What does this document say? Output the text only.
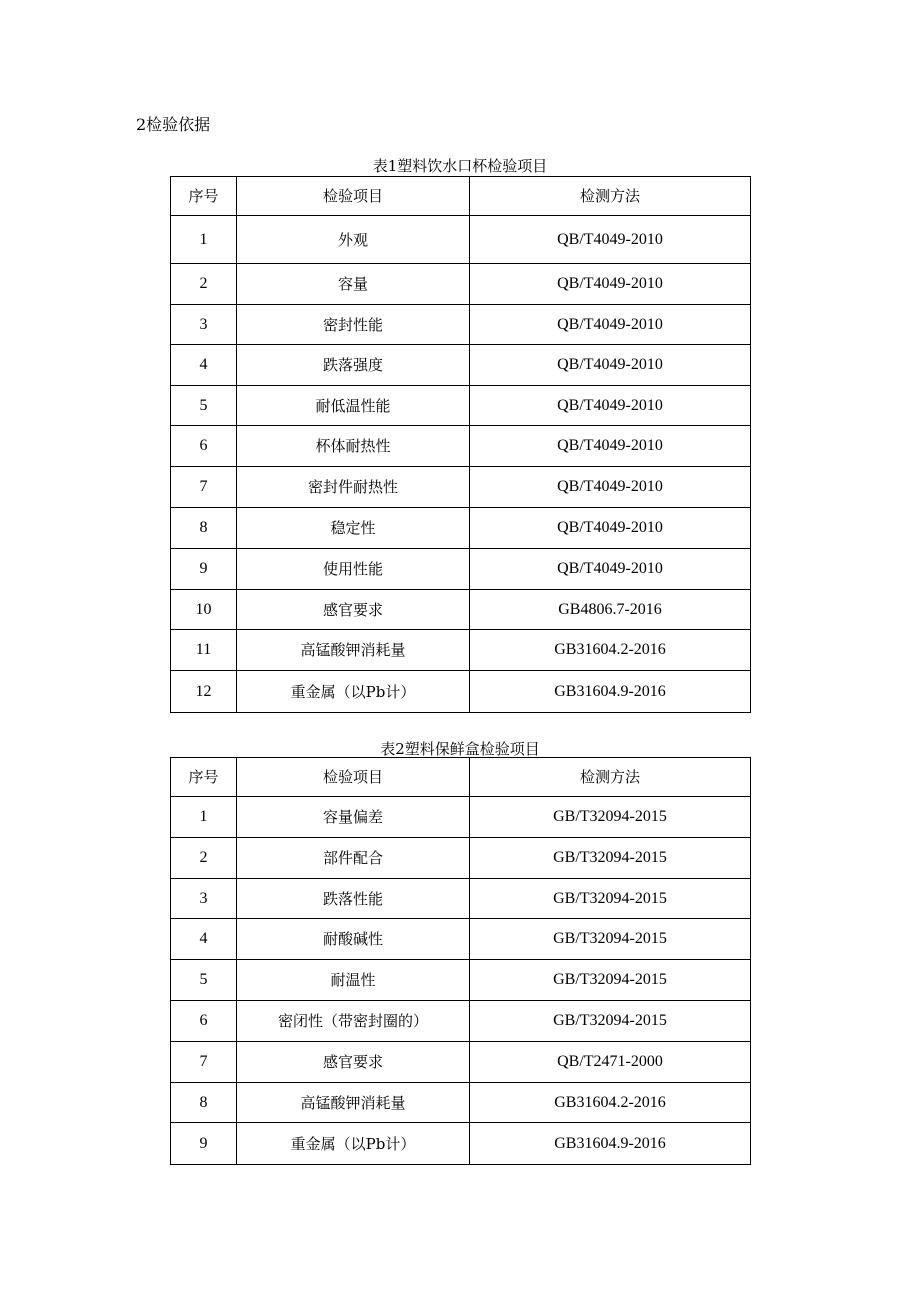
2检验依据
表1塑料饮水口杯检验项目
序号	检验项目	检测方法
1	外观	QB/T4049-2010
2	容量	QB/T4049-2010
3	密封性能	QB/T4049-2010
4	跌落强度	QB/T4049-2010
5	耐低温性能	QB/T4049-2010
6	杯体耐热性	QB/T4049-2010
7	密封件耐热性	QB/T4049-2010
8	稳定性	QB/T4049-2010
9	使用性能	QB/T4049-2010
10	感官要求	GB4806.7-2016
11	高锰酸钾消耗量	GB31604.2-2016
12	重金属（以Pb计）	GB31604.9-2016
表2塑料保鲜盒检验项目
序号	检验项目	检测方法
1	容量偏差	GB/T32094-2015
2	部件配合	GB/T32094-2015
3	跌落性能	GB/T32094-2015
4	耐酸碱性	GB/T32094-2015
5	耐温性	GB/T32094-2015
6	密闭性（带密封圈的）	GB/T32094-2015
7	感官要求	QB/T2471-2000
8	高锰酸钾消耗量	GB31604.2-2016
9	重金属（以Pb计）	GB31604.9-2016
